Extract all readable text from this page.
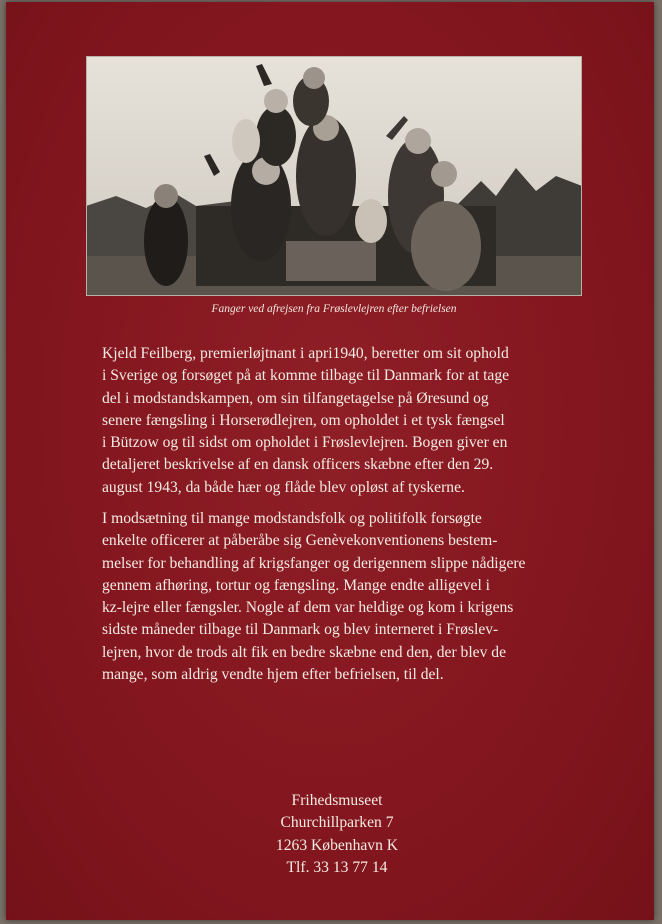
Fanger ved afrejsen fra Frøslevlejren efter befrielsen
Kjeld Feilberg, premierløjtnant i apri1940, beretter om sit ophold
i Sverige og forsøget på at komme tilbage til Danmark for at tage
del i modstandskampen, om sin tilfangetagelse på Øresund og
senere fængsling i Horserødlejren, om opholdet i et tysk fængsel
i Bützow og til sidst om opholdet i Frøslevlejren. Bogen giver en
detaljeret beskrivelse af en dansk officers skæbne efter den 29.
august 1943, da både hær og flåde blev opløst af tyskerne.
I modsætning til mange modstandsfolk og politifolk forsøgte
enkelte officerer at påberåbe sig Genèvekonventionens bestem-
melser for behandling af krigsfanger og derigennem slippe nådigere
gennem afhøring, tortur og fængsling. Mange endte alligevel i
kz-lejre eller fængsler. Nogle af dem var heldige og kom i krigens
sidste måneder tilbage til Danmark og blev interneret i Frøslev-
lejren, hvor de trods alt fik en bedre skæbne end den, der blev de
mange, som aldrig vendte hjem efter befrielsen, til del.
Frihedsmuseet
Churchillparken 7
1263 København K
Tlf. 33 13 77 14
